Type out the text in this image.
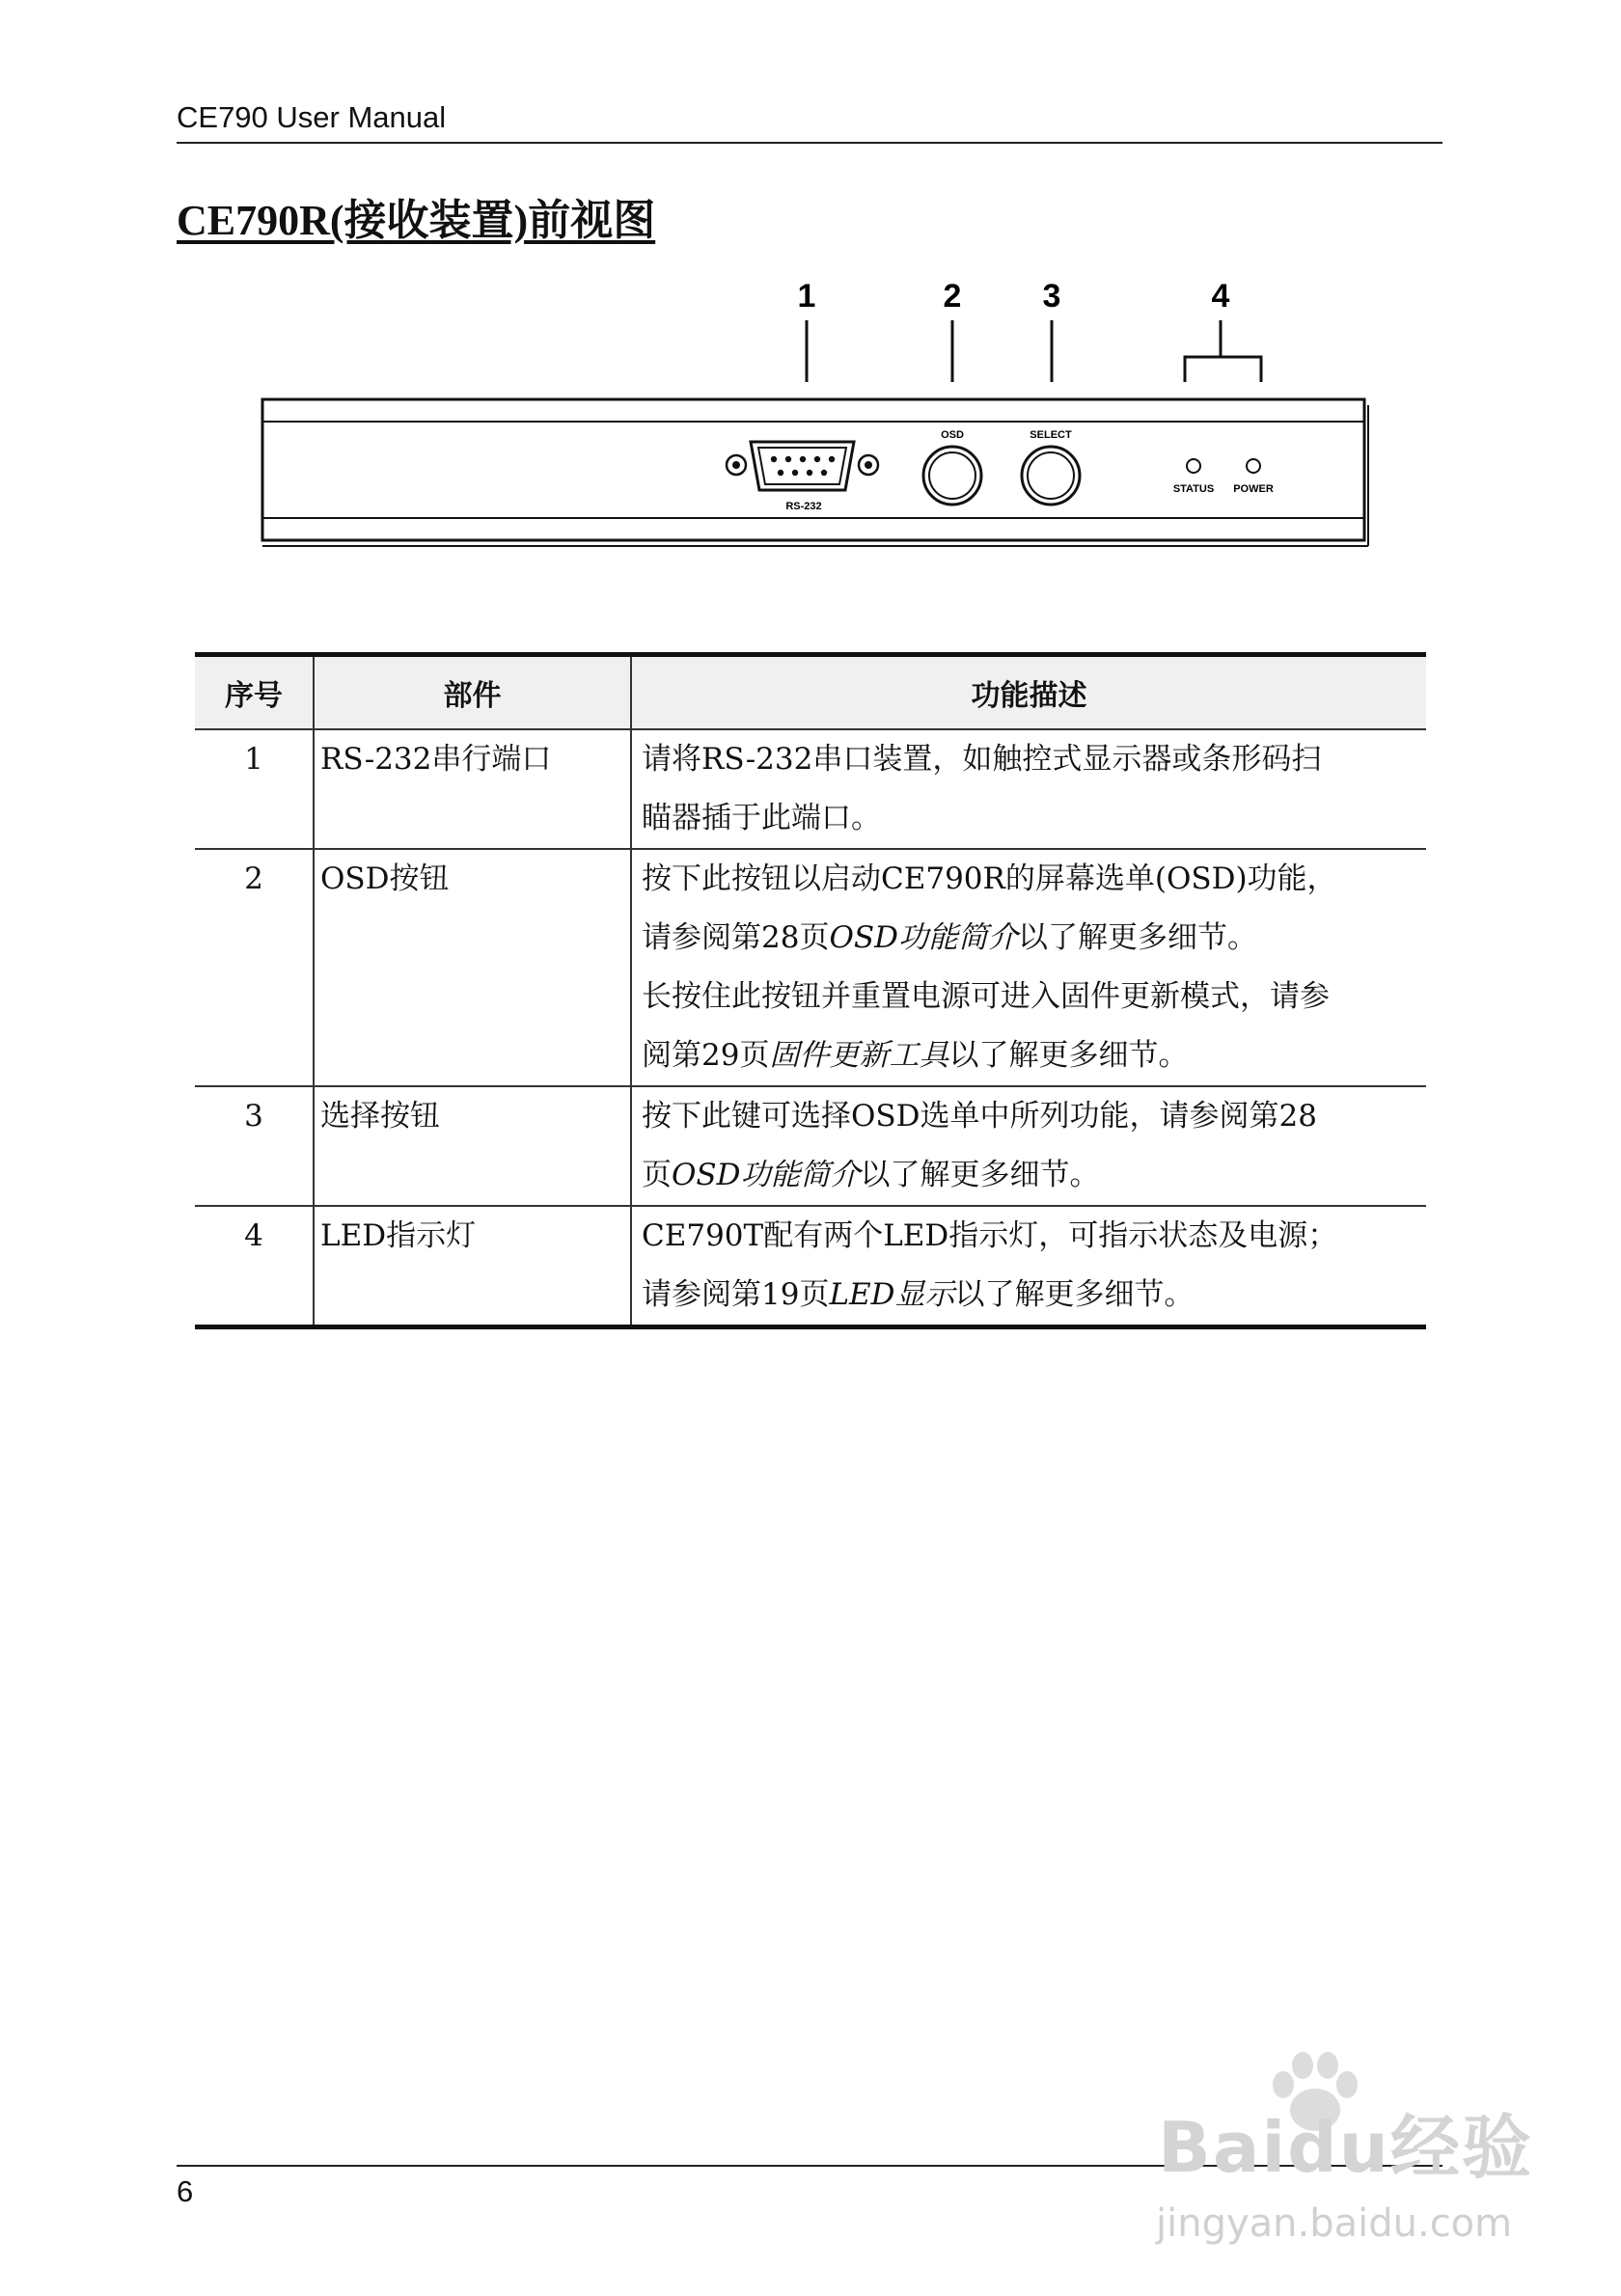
CE790 User Manual
CE790R(接收装置)前视图
1	2 3	4
RS-232
OSD	SELECT
STATUS POWER
序号	部件	功能描述
1	RS-232串行端口	请将RS-232串口装置，如触控式显示器或条形码扫
瞄器插于此端口。

2	OSD按钮	按下此按钮以启动CE790R的屏幕选单(OSD)功能，
请参阅第28页OSD功能简介以了解更多细节。
长按住此按钮并重置电源可进入固件更新模式，请参
阅第29页固件更新工具以了解更多细节。

3	选择按钮	按下此键可选择OSD选单中所列功能，请参阅第28
页OSD功能简介以了解更多细节。

4	LED指示灯	CE790T配有两个LED指示灯，可指示状态及电源；
请参阅第19页LED显示以了解更多细节。
6
Baidu经验
jingyan.baidu.com
